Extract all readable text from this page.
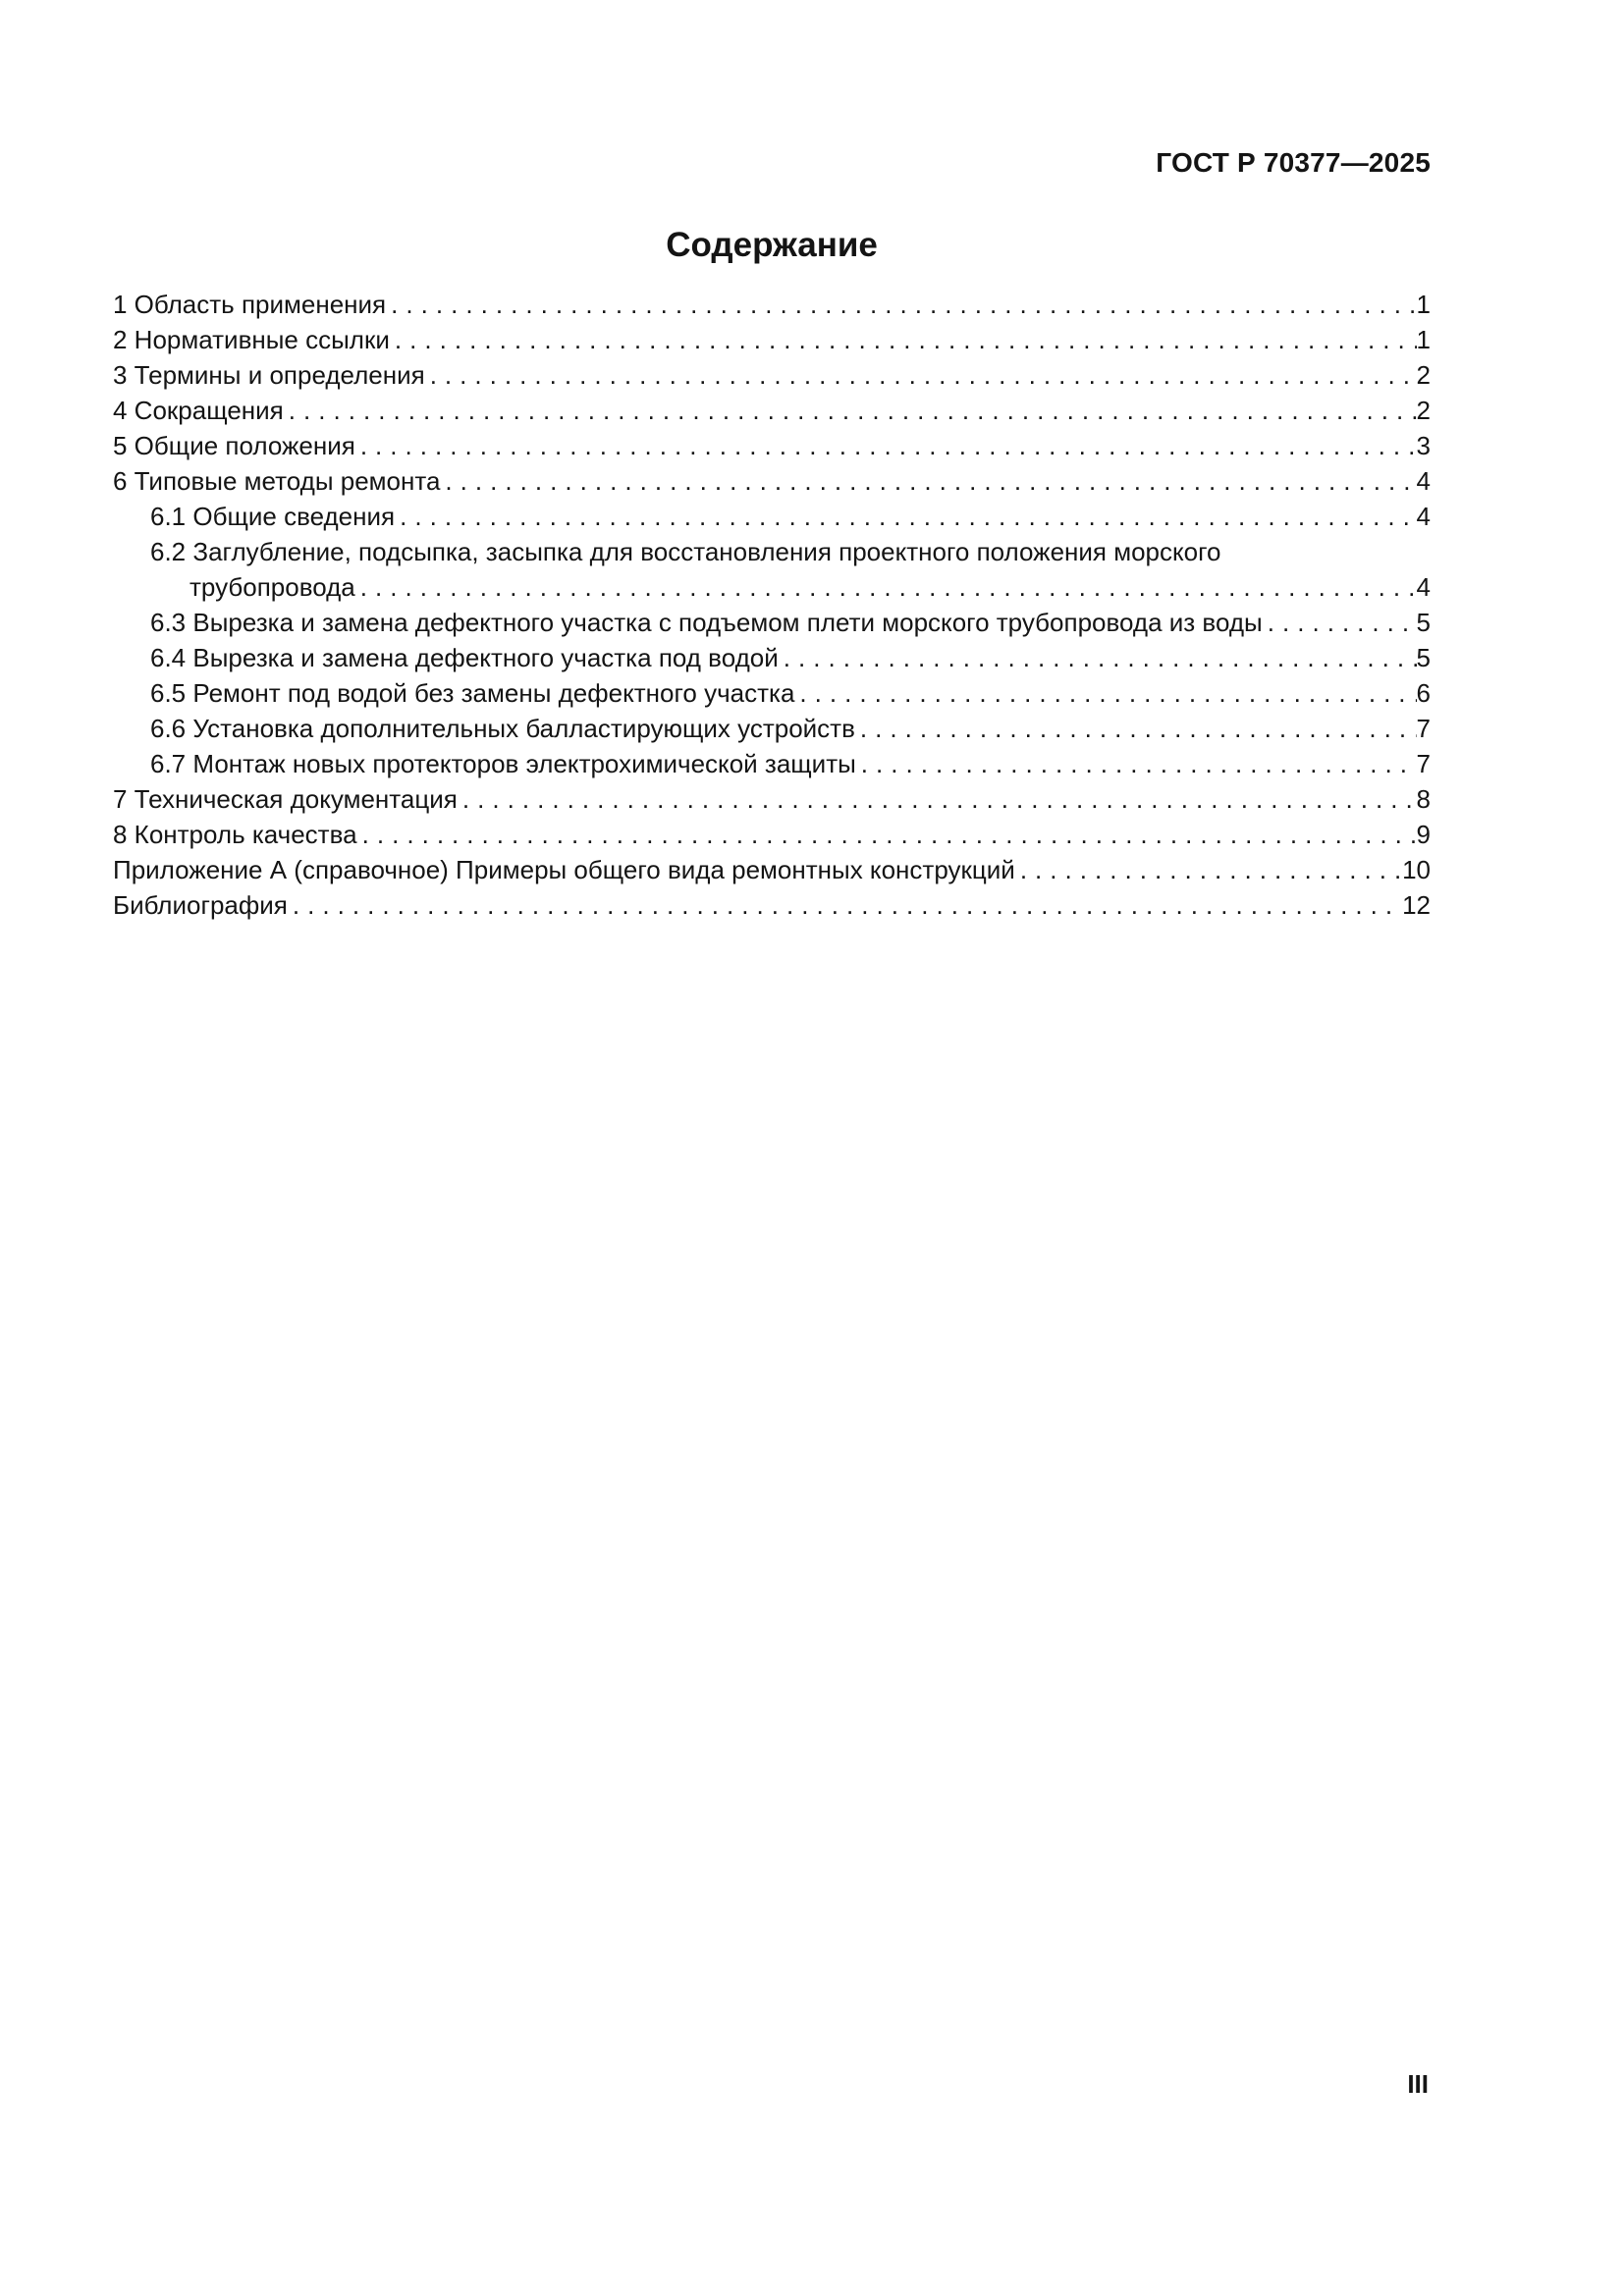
ГОСТ Р 70377—2025
Содержание
1 Область применения . . .	1
2 Нормативные ссылки . . .	1
3 Термины и определения . . .	2
4 Сокращения . . .	2
5 Общие положения . . .	3
6 Типовые методы ремонта . . .	4
6.1 Общие сведения . . .	4
6.2 Заглубление, подсыпка, засыпка для восстановления проектного положения морского
трубопровода . . .	4
6.3 Вырезка и замена дефектного участка с подъемом плети морского трубопровода из воды . . .	5
6.4 Вырезка и замена дефектного участка под водой . . .	5
6.5 Ремонт под водой без замены дефектного участка . . .	6
6.6 Установка дополнительных балластирующих устройств . . .	7
6.7 Монтаж новых протекторов электрохимической защиты . . .	7
7 Техническая документация . . .	8
8 Контроль качества . . .	9
Приложение А (справочное) Примеры общего вида ремонтных конструкций . . .	10
Библиография . . .	12
III
